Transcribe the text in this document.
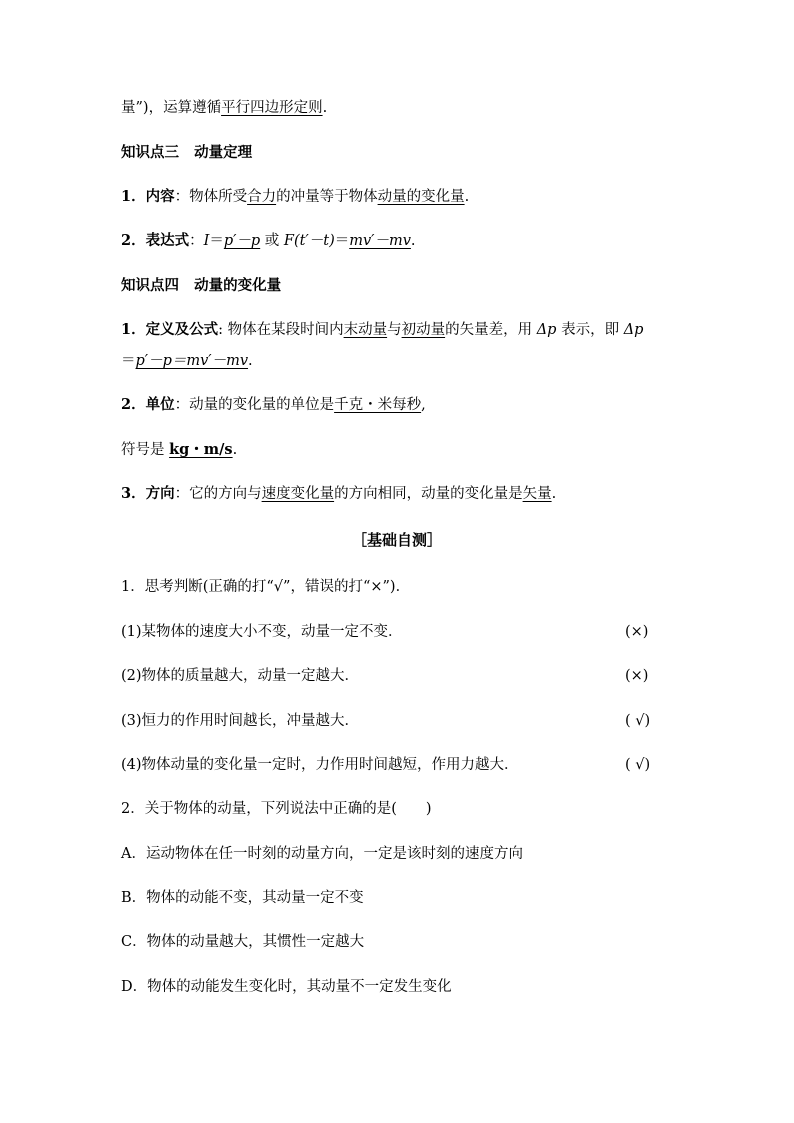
量”)，运算遵循平行四边形定则.
知识点三 动量定理
1．内容：物体所受合力的冲量等于物体动量的变化量.
2．表达式：I＝p′－p 或 F(t′－t)＝mv′－mv.
知识点四 动量的变化量
1．定义及公式: 物体在某段时间内末动量与初动量的矢量差，用 Δp 表示，即 Δp
＝p′－p＝mv′－mv.
2．单位：动量的变化量的单位是千克・米每秒,
符号是 kg・m/s.
3．方向：它的方向与速度变化量的方向相同，动量的变化量是矢量.
［基础自测］
1．思考判断(正确的打“√”，错误的打“×”)．
(1)某物体的速度大小不变，动量一定不变．	(×)
(2)物体的质量越大，动量一定越大．	(×)
(3)恒力的作用时间越长，冲量越大．	( √)
(4)物体动量的变化量一定时，力作用时间越短，作用力越大．	( √)
2．关于物体的动量，下列说法中正确的是(　　)
A．运动物体在任一时刻的动量方向，一定是该时刻的速度方向
B．物体的动能不变，其动量一定不变
C．物体的动量越大，其惯性一定越大
D．物体的动能发生变化时，其动量不一定发生变化
